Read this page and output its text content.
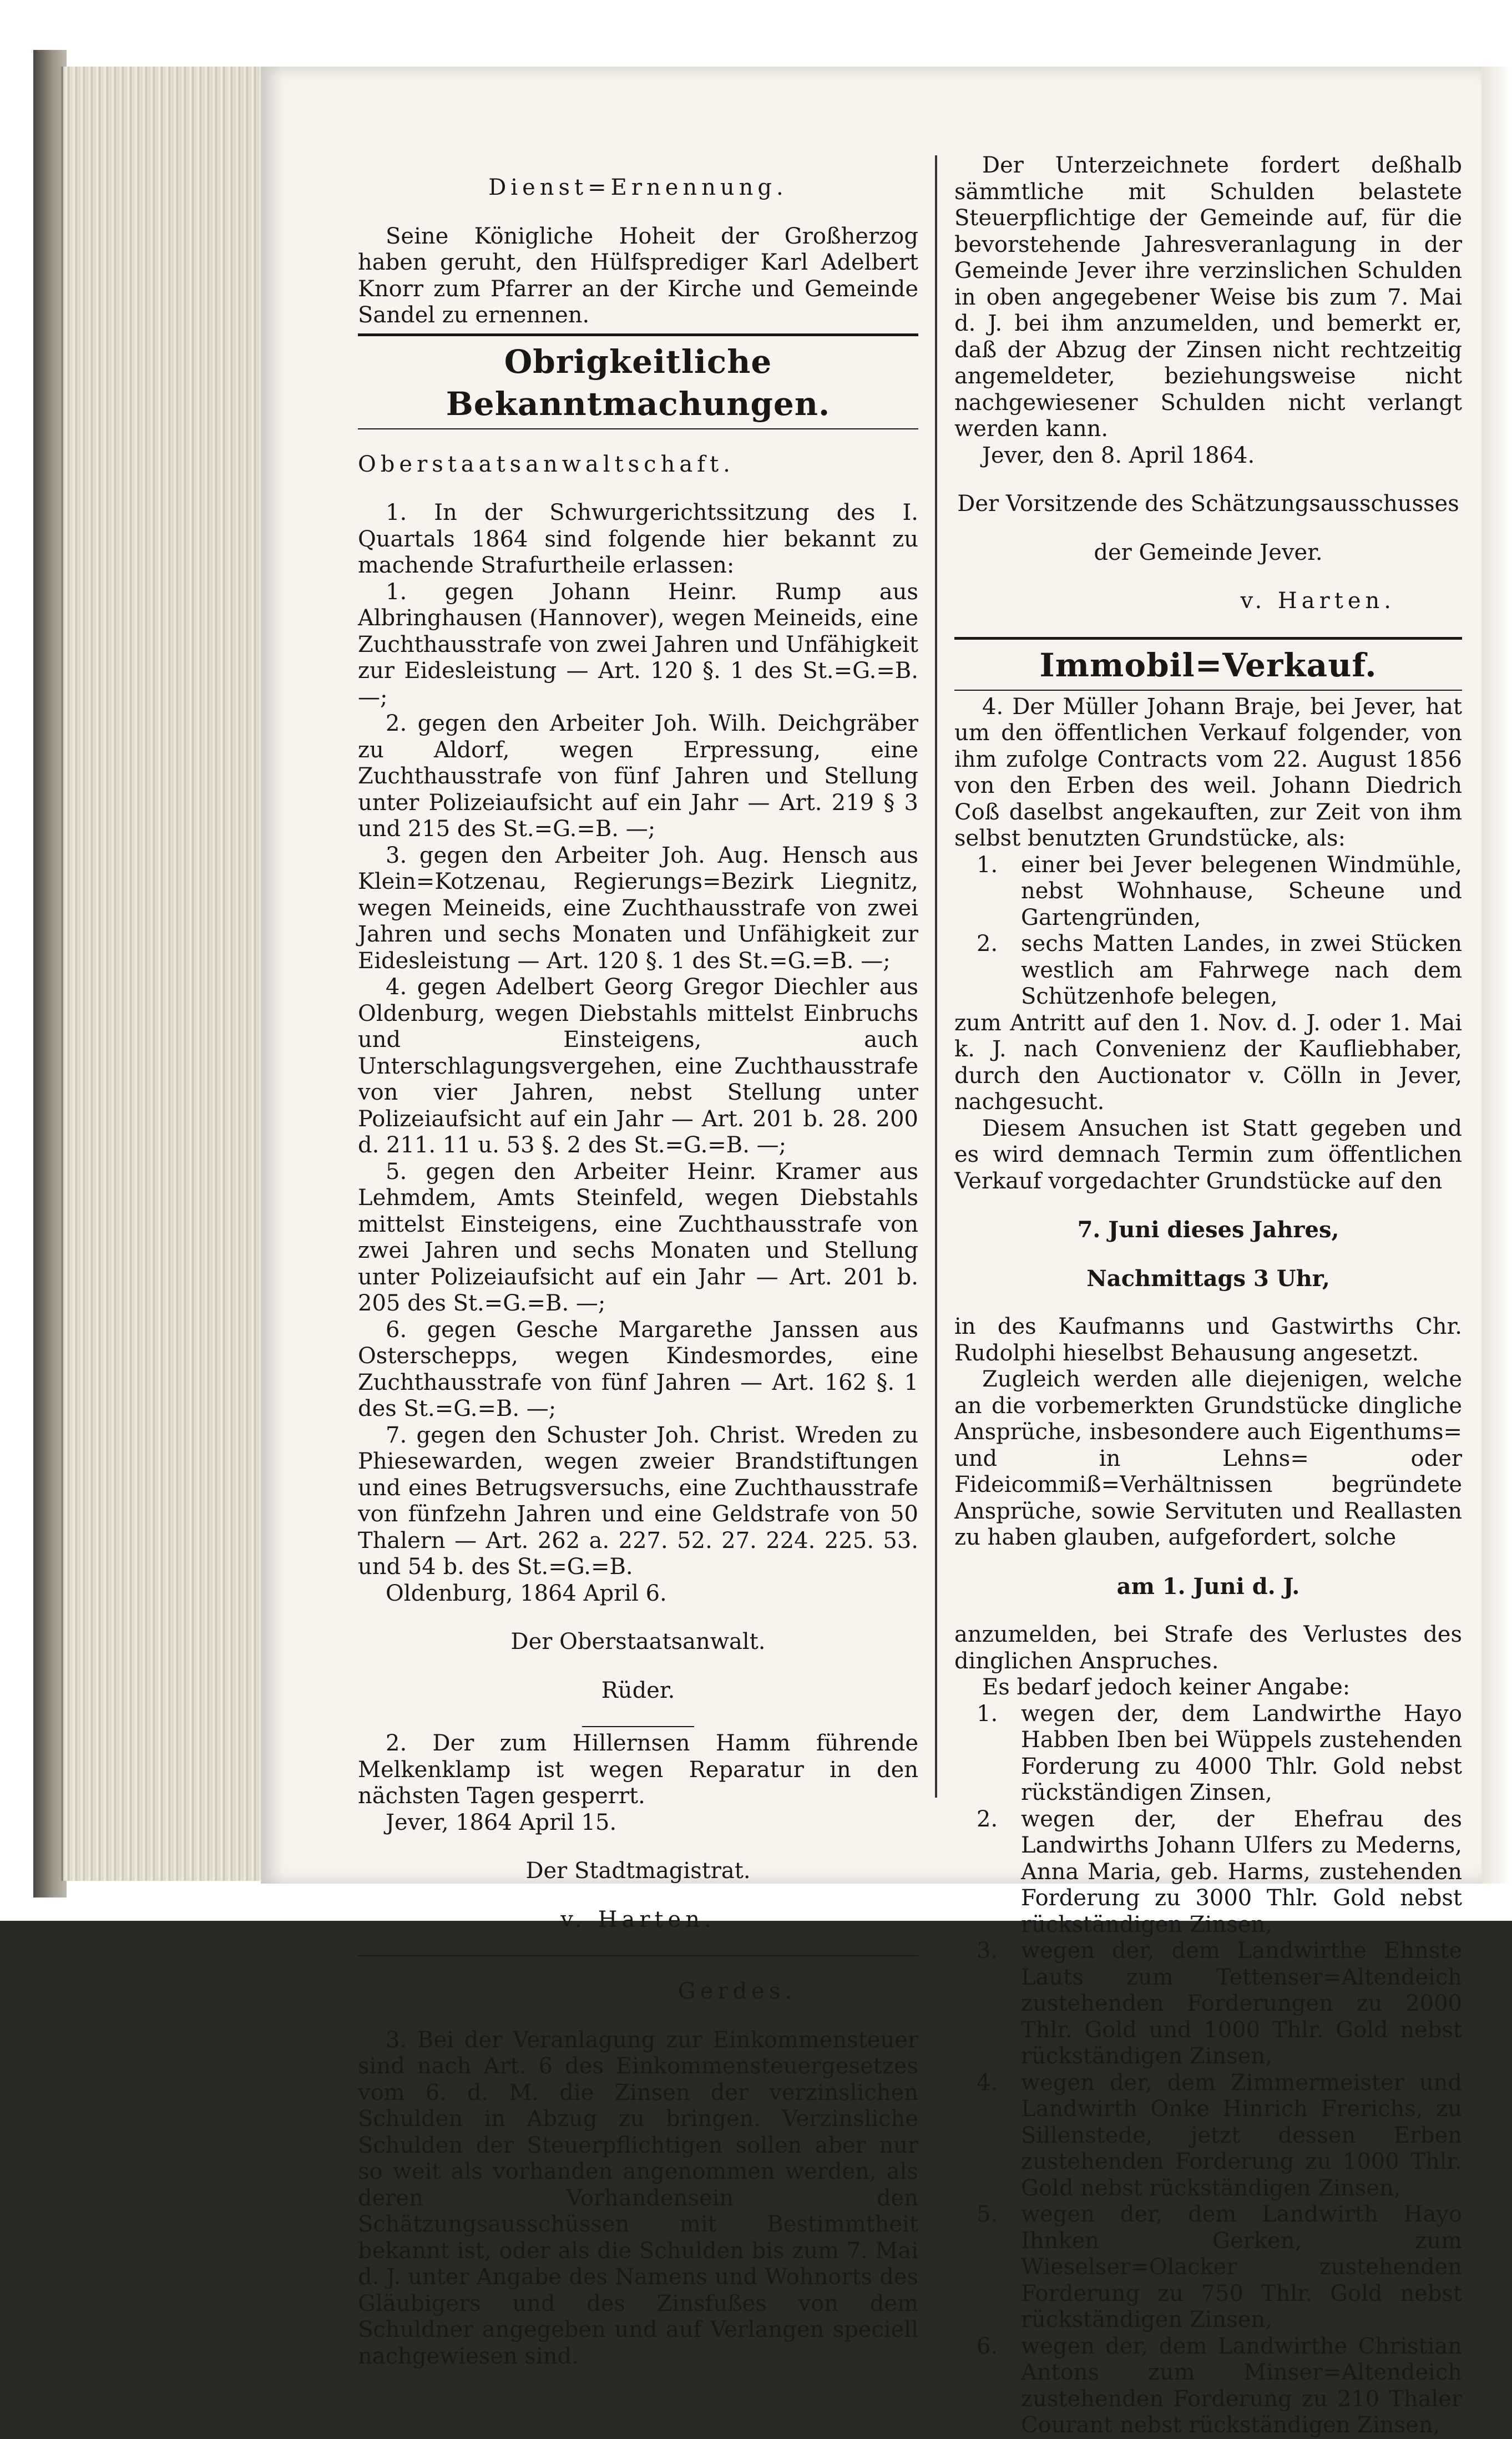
Dienst=Ernennung.

Seine Königliche Hoheit der Großherzog haben geruht, den Hülfsprediger Karl Adelbert Knorr zum Pfarrer an der Kirche und Gemeinde Sandel zu ernennen.

Obrigkeitliche Bekanntmachungen.

Oberstaatsanwaltschaft.

1. In der Schwurgerichtssitzung des I. Quartals 1864 sind folgende hier bekannt zu machende Strafurtheile erlassen:

1. gegen Johann Heinr. Rump aus Albringhausen (Hannover), wegen Meineids, eine Zuchthausstrafe von zwei Jahren und Unfähigkeit zur Eidesleistung — Art. 120 §. 1 des St.=G.=B. —;

2. gegen den Arbeiter Joh. Wilh. Deichgräber zu Aldorf, wegen Erpressung, eine Zuchthausstrafe von fünf Jahren und Stellung unter Polizeiaufsicht auf ein Jahr — Art. 219 § 3 und 215 des St.=G.=B. —;

3. gegen den Arbeiter Joh. Aug. Hensch aus Klein=Kotzenau, Regierungs=Bezirk Liegnitz, wegen Meineids, eine Zuchthausstrafe von zwei Jahren und sechs Monaten und Unfähigkeit zur Eidesleistung — Art. 120 §. 1 des St.=G.=B. —;

4. gegen Adelbert Georg Gregor Diechler aus Oldenburg, wegen Diebstahls mittelst Einbruchs und Einsteigens, auch Unterschlagungsvergehen, eine Zuchthausstrafe von vier Jahren, nebst Stellung unter Polizeiaufsicht auf ein Jahr — Art. 201 b. 28. 200 d. 211. 11 u. 53 §. 2 des St.=G.=B. —;

5. gegen den Arbeiter Heinr. Kramer aus Lehmdem, Amts Steinfeld, wegen Diebstahls mittelst Einsteigens, eine Zuchthausstrafe von zwei Jahren und sechs Monaten und Stellung unter Polizeiaufsicht auf ein Jahr — Art. 201 b. 205 des St.=G.=B. —;

6. gegen Gesche Margarethe Janssen aus Osterschepps, wegen Kindesmordes, eine Zuchthausstrafe von fünf Jahren — Art. 162 §. 1 des St.=G.=B. —;

7. gegen den Schuster Joh. Christ. Wreden zu Phiesewarden, wegen zweier Brandstiftungen und eines Betrugsversuchs, eine Zuchthausstrafe von fünfzehn Jahren und eine Geldstrafe von 50 Thalern — Art. 262 a. 227. 52. 27. 224. 225. 53. und 54 b. des St.=G.=B.

Oldenburg, 1864 April 6.

Der Oberstaatsanwalt.

Rüder.

2. Der zum Hillernsen Hamm führende Melkenklamp ist wegen Reparatur in den nächsten Tagen gesperrt.

Jever, 1864 April 15.

Der Stadtmagistrat.

v. Harten.

Gerdes.

3. Bei der Veranlagung zur Einkommensteuer sind nach Art. 6 des Einkommensteuergesetzes vom 6. d. M. die Zinsen der verzinslichen Schulden in Abzug zu bringen. Verzinsliche Schulden der Steuerpflichtigen sollen aber nur so weit als vorhanden angenommen werden, als deren Vorhandensein den Schätzungsausschüssen mit Bestimmtheit bekannt ist, oder als die Schulden bis zum 7. Mai d. J. unter Angabe des Namens und Wohnorts des Gläubigers und des Zinsfußes von dem Schuldner angegeben und auf Verlangen speciell nachgewiesen sind.

Der Unterzeichnete fordert deßhalb sämmtliche mit Schulden belastete Steuerpflichtige der Gemeinde auf, für die bevorstehende Jahresveranlagung in der Gemeinde Jever ihre verzinslichen Schulden in oben angegebener Weise bis zum 7. Mai d. J. bei ihm anzumelden, und bemerkt er, daß der Abzug der Zinsen nicht rechtzeitig angemeldeter, beziehungsweise nicht nachgewiesener Schulden nicht verlangt werden kann.

Jever, den 8. April 1864.

Der Vorsitzende des Schätzungsausschusses

der Gemeinde Jever.

v. Harten.

Immobil=Verkauf.

4. Der Müller Johann Braje, bei Jever, hat um den öffentlichen Verkauf folgender, von ihm zufolge Contracts vom 22. August 1856 von den Erben des weil. Johann Diedrich Coß daselbst angekauften, zur Zeit von ihm selbst benutzten Grundstücke, als:

1.	einer bei Jever belegenen Windmühle, nebst Wohnhause, Scheune und Gartengründen,
2.	sechs Matten Landes, in zwei Stücken westlich am Fahrwege nach dem Schützenhofe belegen,

zum Antritt auf den 1. Nov. d. J. oder 1. Mai k. J. nach Convenienz der Kaufliebhaber, durch den Auctionator v. Cölln in Jever, nachgesucht.

Diesem Ansuchen ist Statt gegeben und es wird demnach Termin zum öffentlichen Verkauf vorgedachter Grundstücke auf den

7. Juni dieses Jahres,

Nachmittags 3 Uhr,

in des Kaufmanns und Gastwirths Chr. Rudolphi hieselbst Behausung angesetzt.

Zugleich werden alle diejenigen, welche an die vorbemerkten Grundstücke dingliche Ansprüche, insbesondere auch Eigenthums= und in Lehns= oder Fideicommiß=Verhältnissen begründete Ansprüche, sowie Servituten und Reallasten zu haben glauben, aufgefordert, solche

am 1. Juni d. J.

anzumelden, bei Strafe des Verlustes des dinglichen Anspruches.

Es bedarf jedoch keiner Angabe:

1.	wegen der, dem Landwirthe Hayo Habben Iben bei Wüppels zustehenden Forderung zu 4000 Thlr. Gold nebst rückständigen Zinsen,
2.	wegen der, der Ehefrau des Landwirths Johann Ulfers zu Mederns, Anna Maria, geb. Harms, zustehenden Forderung zu 3000 Thlr. Gold nebst rückständigen Zinsen,
3.	wegen der, dem Landwirthe Ehnste Lauts zum Tettenser=Altendeich zustehenden Forderungen zu 2000 Thlr. Gold und 1000 Thlr. Gold nebst rückständigen Zinsen,
4.	wegen der, dem Zimmermeister und Landwirth Onke Hinrich Frerichs, zu Sillenstede, jetzt dessen Erben zustehenden Forderung zu 1000 Thlr. Gold nebst rückständigen Zinsen,
5.	wegen der, dem Landwirth Hayo Ihnken Gerken, zum Wieselser=Olacker zustehenden Forderung zu 750 Thlr. Gold nebst rückständigen Zinsen,
6.	wegen der, dem Landwirthe Christian Antons zum Minser=Altendeich zustehenden Forderung zu 210 Thaler Courant nebst rückständigen Zinsen,
